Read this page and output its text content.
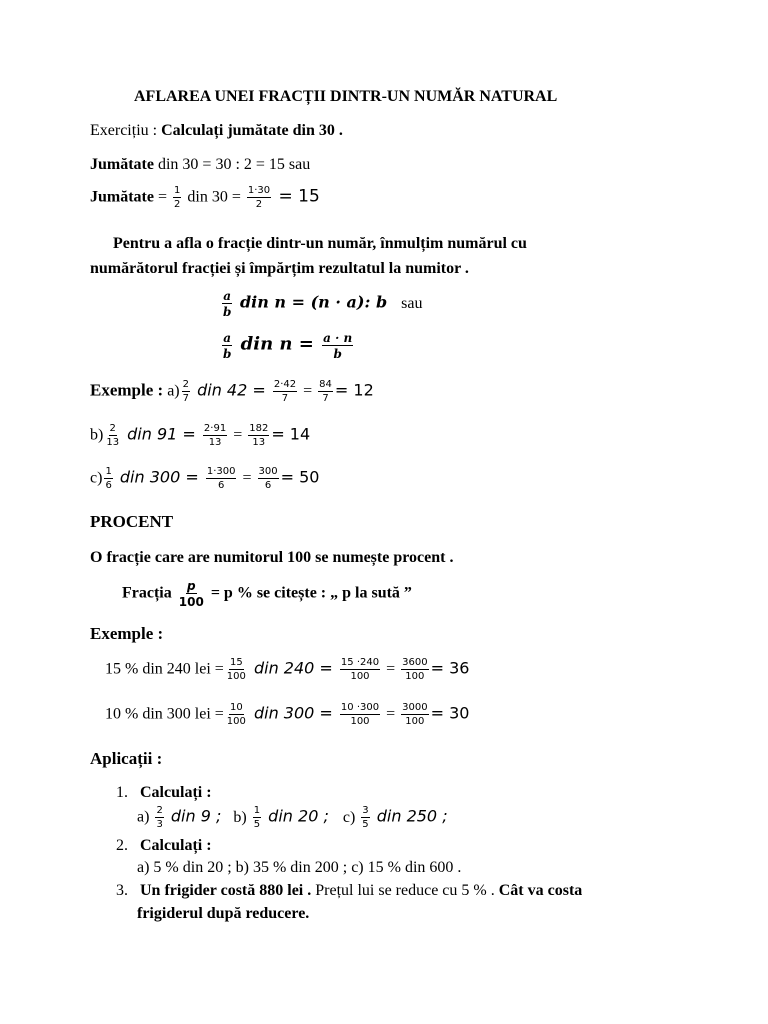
AFLAREA UNEI FRACȚII DINTR-UN NUMĂR NATURAL
Exercițiu : Calculați jumătate din 30 .
Jumătate din 30 = 30 : 2 = 15 sau
Jumătate = $\frac{1}{2}$ din $30 = \frac{1\cdot 30}{2} = 15$
Pentru a afla o fracție dintr-un număr, înmulțim numărul cu
numărătorul fracției și împărțim rezultatul la numitor .
$\frac{a}{b}$ din n = (n · a): b sau
$\frac{a}{b}$ din $n = \frac{a \cdot n}{b}$
Exemple : $a) \frac{2}{7}$ din $42 = \frac{2\cdot 42}{7} = \frac{84}{7} = 12$
$b) \frac{2}{13}$ din $91 = \frac{2\cdot 91}{13} = \frac{182}{13} = 14$
$c) \frac{1}{6}$ din $300 = \frac{1\cdot 300}{6} = \frac{300}{6} = 50$
PROCENT
O fracție care are numitorul 100 se numește procent .
Fracția $\frac{p}{100} = p$ % se citește : „ p la sută ”
Exemple :
15 % din 240 lei = $\frac{15}{100}$ din $240 = \frac{15 \cdot 240}{100} = \frac{3600}{100} = 36$
10 % din 300 lei = $\frac{10}{100}$ din $300 = \frac{10 \cdot 300}{100} = \frac{3000}{100} = 30$
Aplicații :
1. Calculați :
$a) \frac{2}{3}$ din 9 ; $b) \frac{1}{5}$ din 20 ; $c) \frac{3}{5}$ din 250 ;
2. Calculați :
a) 5 % din 20 ; b) 35 % din 200 ; c) 15 % din 600 .
3. Un frigider costă 880 lei . Prețul lui se reduce cu 5 % . Cât va costa
frigiderul după reducere.
